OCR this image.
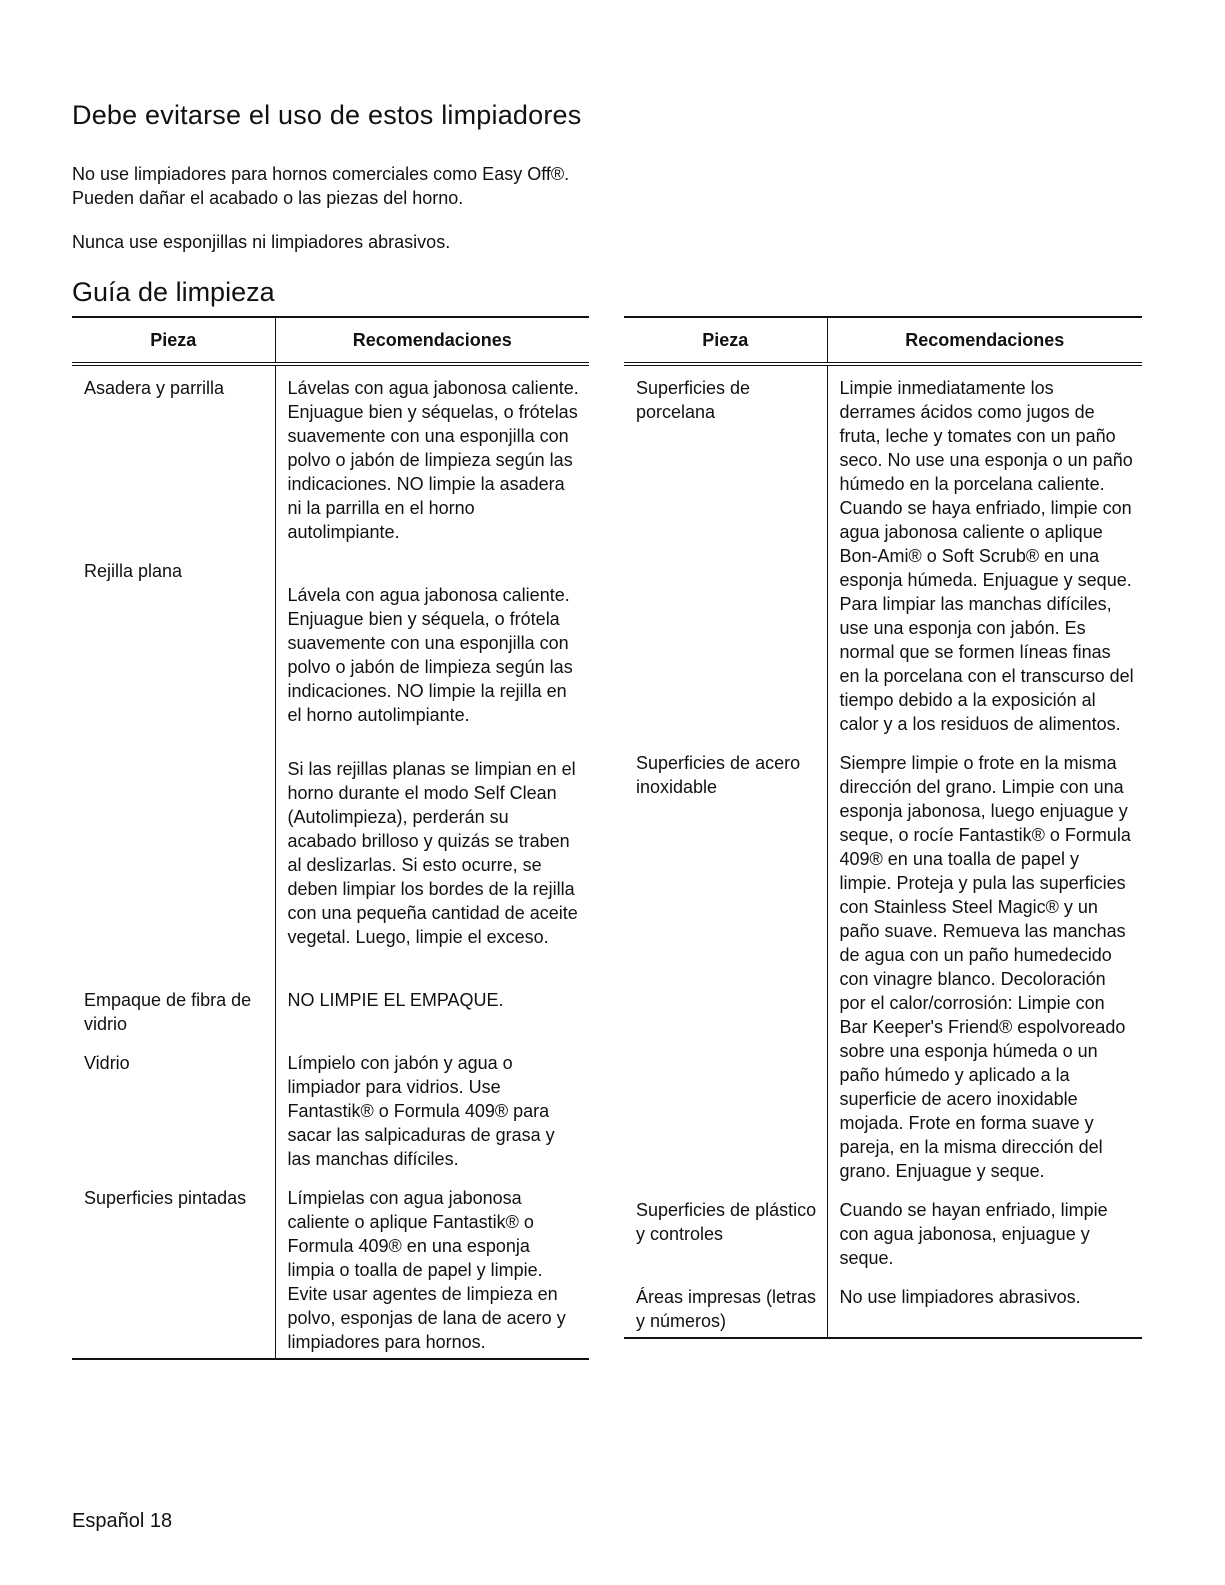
Debe evitarse el uso de estos limpiadores

No use limpiadores para hornos comerciales como Easy Off®. Pueden dañar el acabado o las piezas del horno.

Nunca use esponjillas ni limpiadores abrasivos.

Guía de limpieza
Pieza	Recomendaciones
Asadera y parrilla	Lávelas con agua jabonosa caliente. Enjuague bien y séquelas, o frótelas suavemente con una esponjilla con polvo o jabón de limpieza según las indicaciones. NO limpie la asadera ni la parrilla en el horno autolimpiante.
Rejilla plana	Lávela con agua jabonosa caliente. Enjuague bien y séquela, o frótela suavemente con una esponjilla con polvo o jabón de limpieza según las indicaciones. NO limpie la rejilla en el horno autolimpiante.

Si las rejillas planas se limpian en el horno durante el modo Self Clean (Autolimpieza), perderán su acabado brilloso y quizás se traben al deslizarlas. Si esto ocurre, se deben limpiar los bordes de la rejilla con una pequeña cantidad de aceite vegetal. Luego, limpie el exceso.

Empaque de fibra de vidrio	NO LIMPIE EL EMPAQUE.
Vidrio	Límpielo con jabón y agua o limpiador para vidrios. Use Fantastik® o Formula 409® para sacar las salpicaduras de grasa y las manchas difíciles.
Superficies pintadas	Límpielas con agua jabonosa caliente o aplique Fantastik® o Formula 409® en una esponja limpia o toalla de papel y limpie. Evite usar agentes de limpieza en polvo, esponjas de lana de acero y limpiadores para hornos.
Pieza	Recomendaciones
Superficies de porcelana	Limpie inmediatamente los derrames ácidos como jugos de fruta, leche y tomates con un paño seco. No use una esponja o un paño húmedo en la porcelana caliente. Cuando se haya enfriado, limpie con agua jabonosa caliente o aplique Bon-Ami® o Soft Scrub® en una esponja húmeda. Enjuague y seque. Para limpiar las manchas difíciles, use una esponja con jabón. Es normal que se formen líneas finas en la porcelana con el transcurso del tiempo debido a la exposición al calor y a los residuos de alimentos.
Superficies de acero inoxidable	Siempre limpie o frote en la misma dirección del grano. Limpie con una esponja jabonosa, luego enjuague y seque, o rocíe Fantastik® o Formula 409® en una toalla de papel y limpie. Proteja y pula las superficies con Stainless Steel Magic® y un paño suave. Remueva las manchas de agua con un paño humedecido con vinagre blanco. Decoloración por el calor/corrosión: Limpie con Bar Keeper's Friend® espolvoreado sobre una esponja húmeda o un paño húmedo y aplicado a la superficie de acero inoxidable mojada. Frote en forma suave y pareja, en la misma dirección del grano. Enjuague y seque.
Superficies de plástico y controles	Cuando se hayan enfriado, limpie con agua jabonosa, enjuague y seque.
Áreas impresas (letras y números)	No use limpiadores abrasivos.
Español 18
